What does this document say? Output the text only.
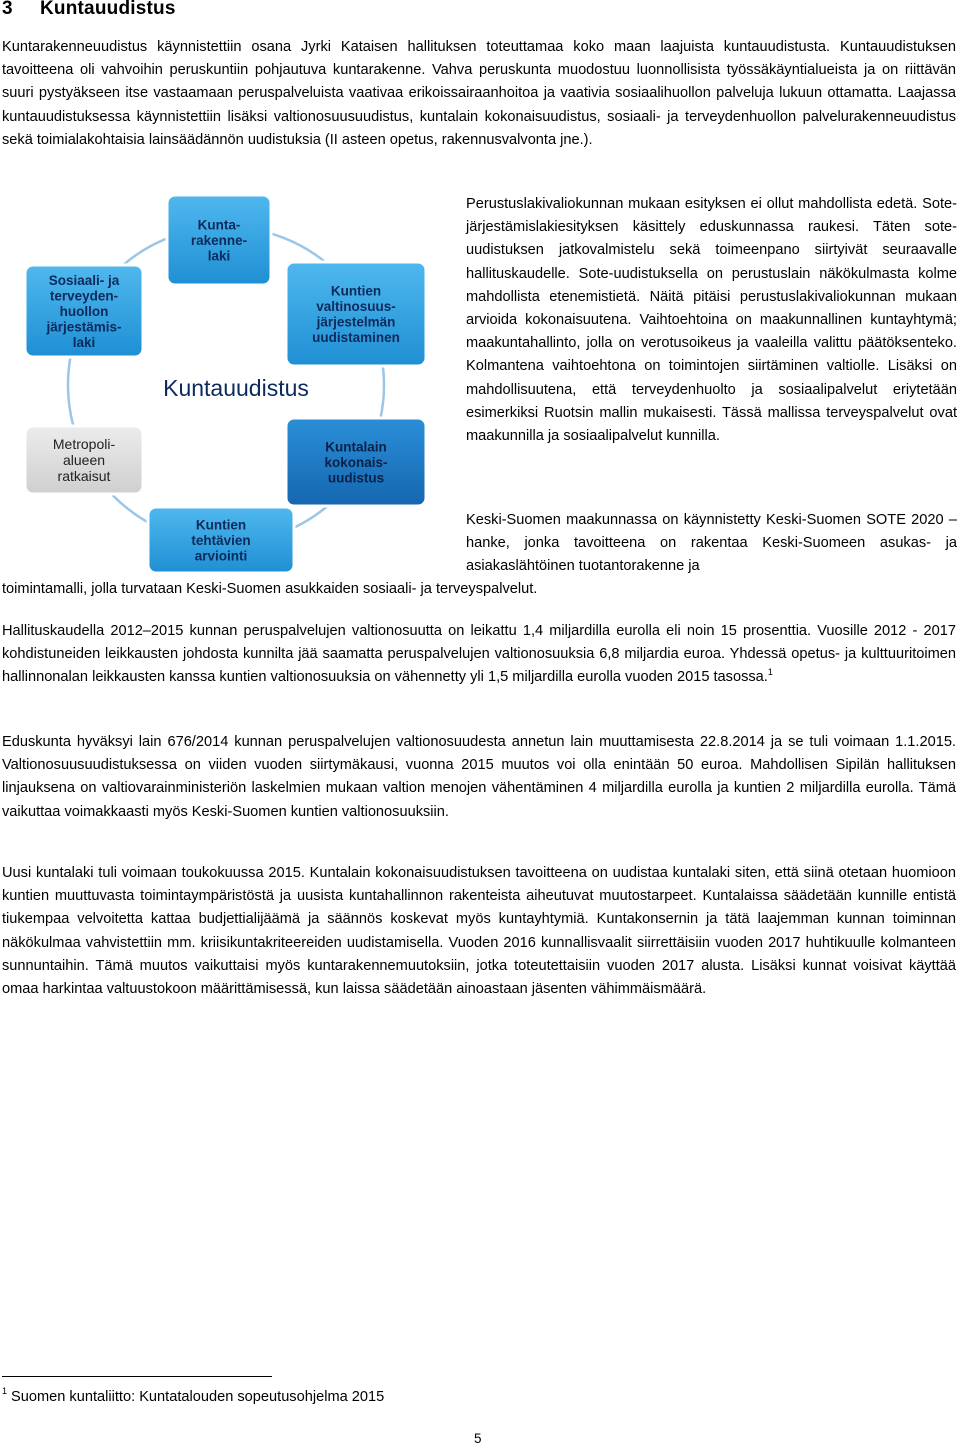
3 Kuntauudistus

Kuntarakenneuudistus käynnistettiin osana Jyrki Kataisen hallituksen toteuttamaa koko maan laajuista kuntauudistusta. Kuntauudistuksen tavoitteena oli vahvoihin peruskuntiin pohjautuva kuntarakenne. Vahva peruskunta muodostuu luonnollisista työssäkäyntialueista ja on riittävän suuri pystyäkseen itse vastaamaan peruspalveluista vaativaa erikoissairaanhoitoa ja vaativia sosiaalihuollon palveluja lukuun ottamatta. Laajassa kuntauudistuksessa käynnistettiin lisäksi valtionosuusuudistus, kuntalain kokonaisuudistus, sosiaali- ja terveydenhuollon palvelurakenneuudistus sekä toimialakohtaisia lainsäädännön uudistuksia (II asteen opetus, rakennusvalvonta jne.).

Kunta-
rakenne-
laki
Kuntien
valtinosuus-
järjestelmän
uudistaminen
Kuntalain
kokonais-
uudistus
Kuntien
tehtävien
arviointi
Metropoli-
alueen
ratkaisut
Sosiaali- ja
terveyden-
huollon
järjestämis-
laki
Kuntauudistus

Perustuslakivaliokunnan mukaan esityksen ei ollut mahdollista edetä. Sote-järjestämislakiesityksen käsittely eduskunnassa raukesi. Täten sote-uudistuksen jatkovalmistelu sekä toimeenpano siirtyivät seuraavalle hallituskaudelle. Sote-uudistuksella on perustuslain näkökulmasta kolme mahdollista etenemistietä. Näitä pitäisi perustuslakivaliokunnan mukaan arvioida kokonaisuutena. Vaihtoehtoina on maakunnallinen kuntayhtymä; maakuntahallinto, jolla on verotusoikeus ja vaaleilla valittu päätöksenteko. Kolmantena vaihtoehtona on toimintojen siirtäminen valtiolle. Lisäksi on mahdollisuutena, että terveydenhuolto ja sosiaalipalvelut eriytetään esimerkiksi Ruotsin mallin mukaisesti. Tässä mallissa terveyspalvelut ovat maakunnilla ja sosiaalipalvelut kunnilla.

Keski-Suomen maakunnassa on käynnistetty Keski-Suomen SOTE 2020 – hanke, jonka tavoitteena on rakentaa Keski-Suomeen asukas- ja asiakaslähtöinen tuotantorakenne ja

toimintamalli, jolla turvataan Keski-Suomen asukkaiden sosiaali- ja terveyspalvelut.

Hallituskaudella 2012–2015 kunnan peruspalvelujen valtionosuutta on leikattu 1,4 miljardilla eurolla eli noin 15 prosenttia. Vuosille 2012 - 2017 kohdistuneiden leikkausten johdosta kunnilta jää saamatta peruspalvelujen valtionosuuksia 6,8 miljardia euroa. Yhdessä opetus- ja kulttuuritoimen hallinnonalan leikkausten kanssa kuntien valtionosuuksia on vähennetty yli 1,5 miljardilla eurolla vuoden 2015 tasossa.$^1$

Eduskunta hyväksyi lain 676/2014 kunnan peruspalvelujen valtionosuudesta annetun lain muuttamisesta 22.8.2014 ja se tuli voimaan 1.1.2015. Valtionosuusuudistuksessa on viiden vuoden siirtymäkausi, vuonna 2015 muutos voi olla enintään 50 euroa. Mahdollisen Sipilän hallituksen linjauksena on valtiovarainministeriön laskelmien mukaan valtion menojen vähentäminen 4 miljardilla eurolla ja kuntien 2 miljardilla eurolla. Tämä vaikuttaa voimakkaasti myös Keski-Suomen kuntien valtionosuuksiin.

Uusi kuntalaki tuli voimaan toukokuussa 2015. Kuntalain kokonaisuudistuksen tavoitteena on uudistaa kuntalaki siten, että siinä otetaan huomioon kuntien muuttuvasta toimintaympäristöstä ja uusista kuntahallinnon rakenteista aiheutuvat muutostarpeet. Kuntalaissa säädetään kunnille entistä tiukempaa velvoitetta kattaa budjettialijäämä ja säännös koskevat myös kuntayhtymiä. Kuntakonsernin ja tätä laajemman kunnan toiminnan näkökulmaa vahvistettiin mm. kriisikuntakriteereiden uudistamisella. Vuoden 2016 kunnallisvaalit siirrettäisiin vuoden 2017 huhtikuulle kolmanteen sunnuntaihin. Tämä muutos vaikuttaisi myös kuntarakennemuutoksiin, jotka toteutettaisiin vuoden 2017 alusta. Lisäksi kunnat voisivat käyttää omaa harkintaa valtuustokoon määrittämisessä, kun laissa säädetään ainoastaan jäsenten vähimmäismäärä.

$^1$ Suomen kuntaliitto: Kuntatalouden sopeutusohjelma 2015
5
